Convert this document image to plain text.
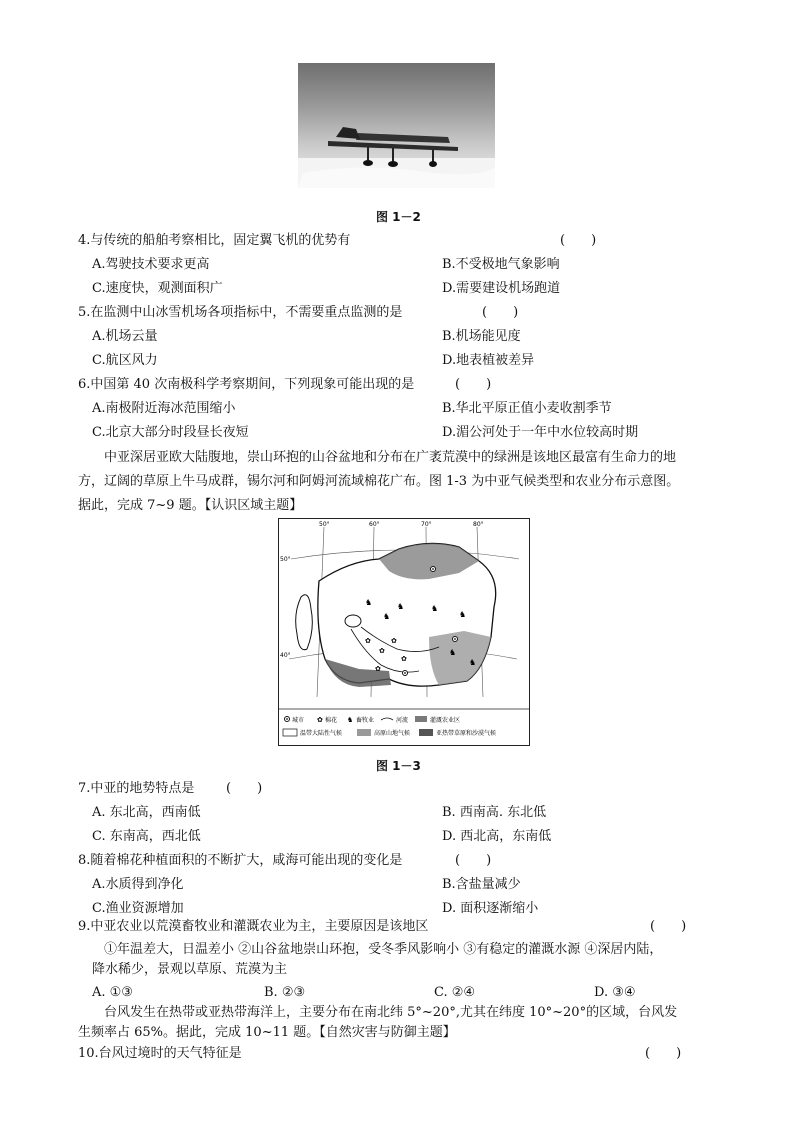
图 1－2
4.与传统的船舶考察相比，固定翼飞机的优势有	(　　)
A.驾驶技术要求更高	B.不受极地气象影响
C.速度快，观测面积广	D.需要建设机场跑道
5.在监测中山冰雪机场各项指标中，不需要重点监测的是	(　　)
A.机场云量	B.机场能见度
C.航区风力	D.地表植被差异
6.中国第 40 次南极科学考察期间，下列现象可能出现的是	(　　)
A.南极附近海冰范围缩小	B.华北平原正值小麦收割季节
C.北京大部分时段昼长夜短	D.湄公河处于一年中水位较高时期
中亚深居亚欧大陆腹地，崇山环抱的山谷盆地和分布在广袤荒漠中的绿洲是该地区最富有生命力的地
方，辽阔的草原上牛马成群，锡尔河和阿姆河流域棉花广布。图 1-3 为中亚气候类型和农业分布示意图。
据此，完成 7~9 题。【认识区域主题】
♞	♞
♞
♞
♞
♞
♞
✿
✿
✿
✿
✿
50°	60°	70°	80°
50°
40°
城市 ✿ 棉花 ♞ 畜牧业	河流	灌溉农业区
温带大陆性气候	高原山地气候	亚热带草原和沙漠气候
图 1－3
7.中亚的地势特点是 (　　)
A. 东北高，西南低	B. 西南高. 东北低
C. 东南高，西北低	D. 西北高，东南低
8.随着棉花种植面积的不断扩大，咸海可能出现的变化是	(　　)
A.水质得到净化	B.含盐量减少
C.渔业资源增加	D. 面积逐渐缩小
9.中亚农业以荒漠畜牧业和灌溉农业为主，主要原因是该地区	(　　)
①年温差大，日温差小 ②山谷盆地崇山环抱，受冬季风影响小 ③有稳定的灌溉水源 ④深居内陆，
降水稀少，景观以草原、荒漠为主
A. ①③	B. ②③	C. ②④	D. ③④
台风发生在热带或亚热带海洋上，主要分布在南北纬 5°~20°,尤其在纬度 10°~20°的区域，台风发
生频率占 65%。据此，完成 10~11 题。【自然灾害与防御主题】
10.台风过境时的天气特征是	(　　)
